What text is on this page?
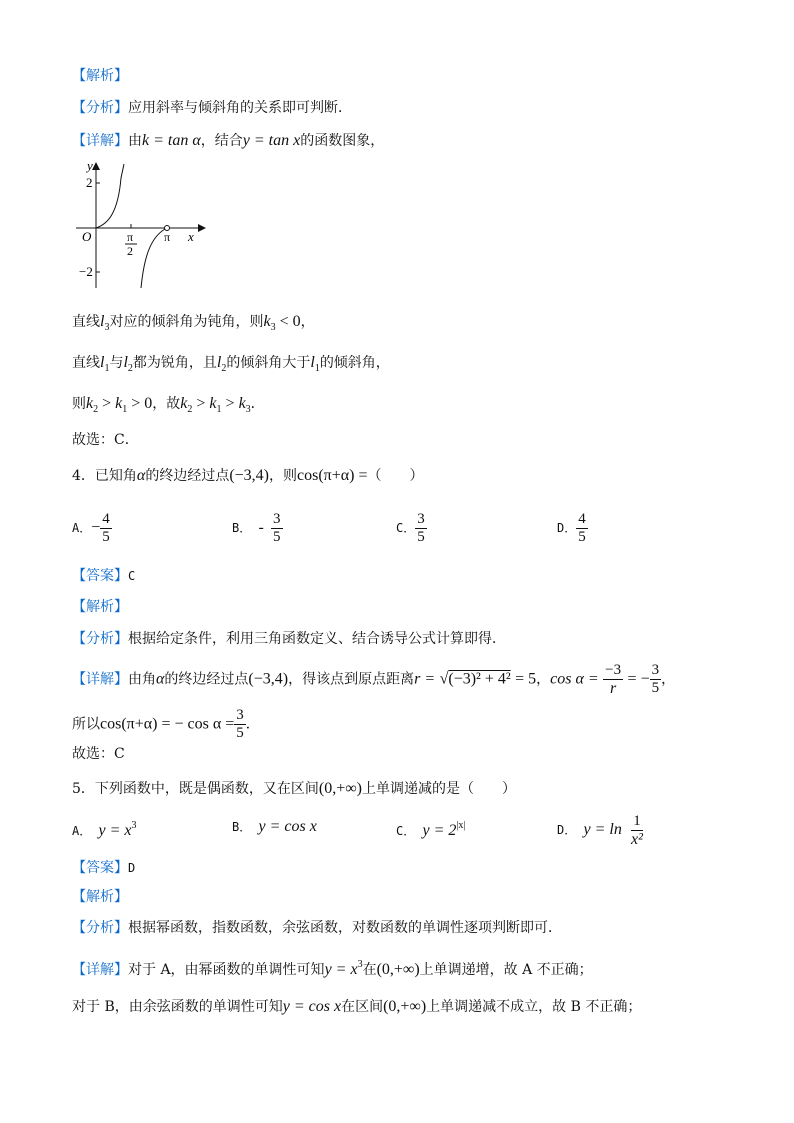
【解析】
【分析】应用斜率与倾斜角的关系即可判断．
【详解】由k = tan α，结合y = tan x的函数图象，
y
x
O
2
−2
π
2
π
直线$l_3$对应的倾斜角为钝角，则$k_3 < 0$，
直线$l_1$与$l_2$都为锐角，且$l_2$的倾斜角大于$l_1$的倾斜角，
则$k_2 > k_1 > 0$，故$k_2 > k_1 > k_3$．
故选：C．
4．已知角α的终边经过点(−3,4)，则cos(π+α) =（　　）
A．− $\frac{4}{5}$	B． - $\frac{3}{5}$	C． $\frac{3}{5}$	D． $\frac{4}{5}$
【答案】C
【解析】
【分析】根据给定条件，利用三角函数定义、结合诱导公式计算即得．
【详解】由角α的终边经过点(−3,4)，得该点到原点距离r = √(−3)² + 4² = 5，$\cos \alpha = \frac{-3}{r}$ = − $\frac{3}{5}$ ，
所以cos(π+α) = − $\cos \alpha = \frac{3}{5}$ ．
故选：C
5．下列函数中，既是偶函数，又在区间(0,+∞)上单调递减的是（　　）
A． $y = x^3$	B． y = cos x	C． $y = 2^{|x|}$	D． $y = \ln \frac{1}{\text{x²}}$
【答案】D
【解析】
【分析】根据幂函数，指数函数，余弦函数，对数函数的单调性逐项判断即可．
【详解】对于 A，由幂函数的单调性可知$y = x^3$在(0,+∞)上单调递增，故 A 不正确；
对于 B，由余弦函数的单调性可知y = cos x在区间(0,+∞)上单调递减不成立，故 B 不正确；
